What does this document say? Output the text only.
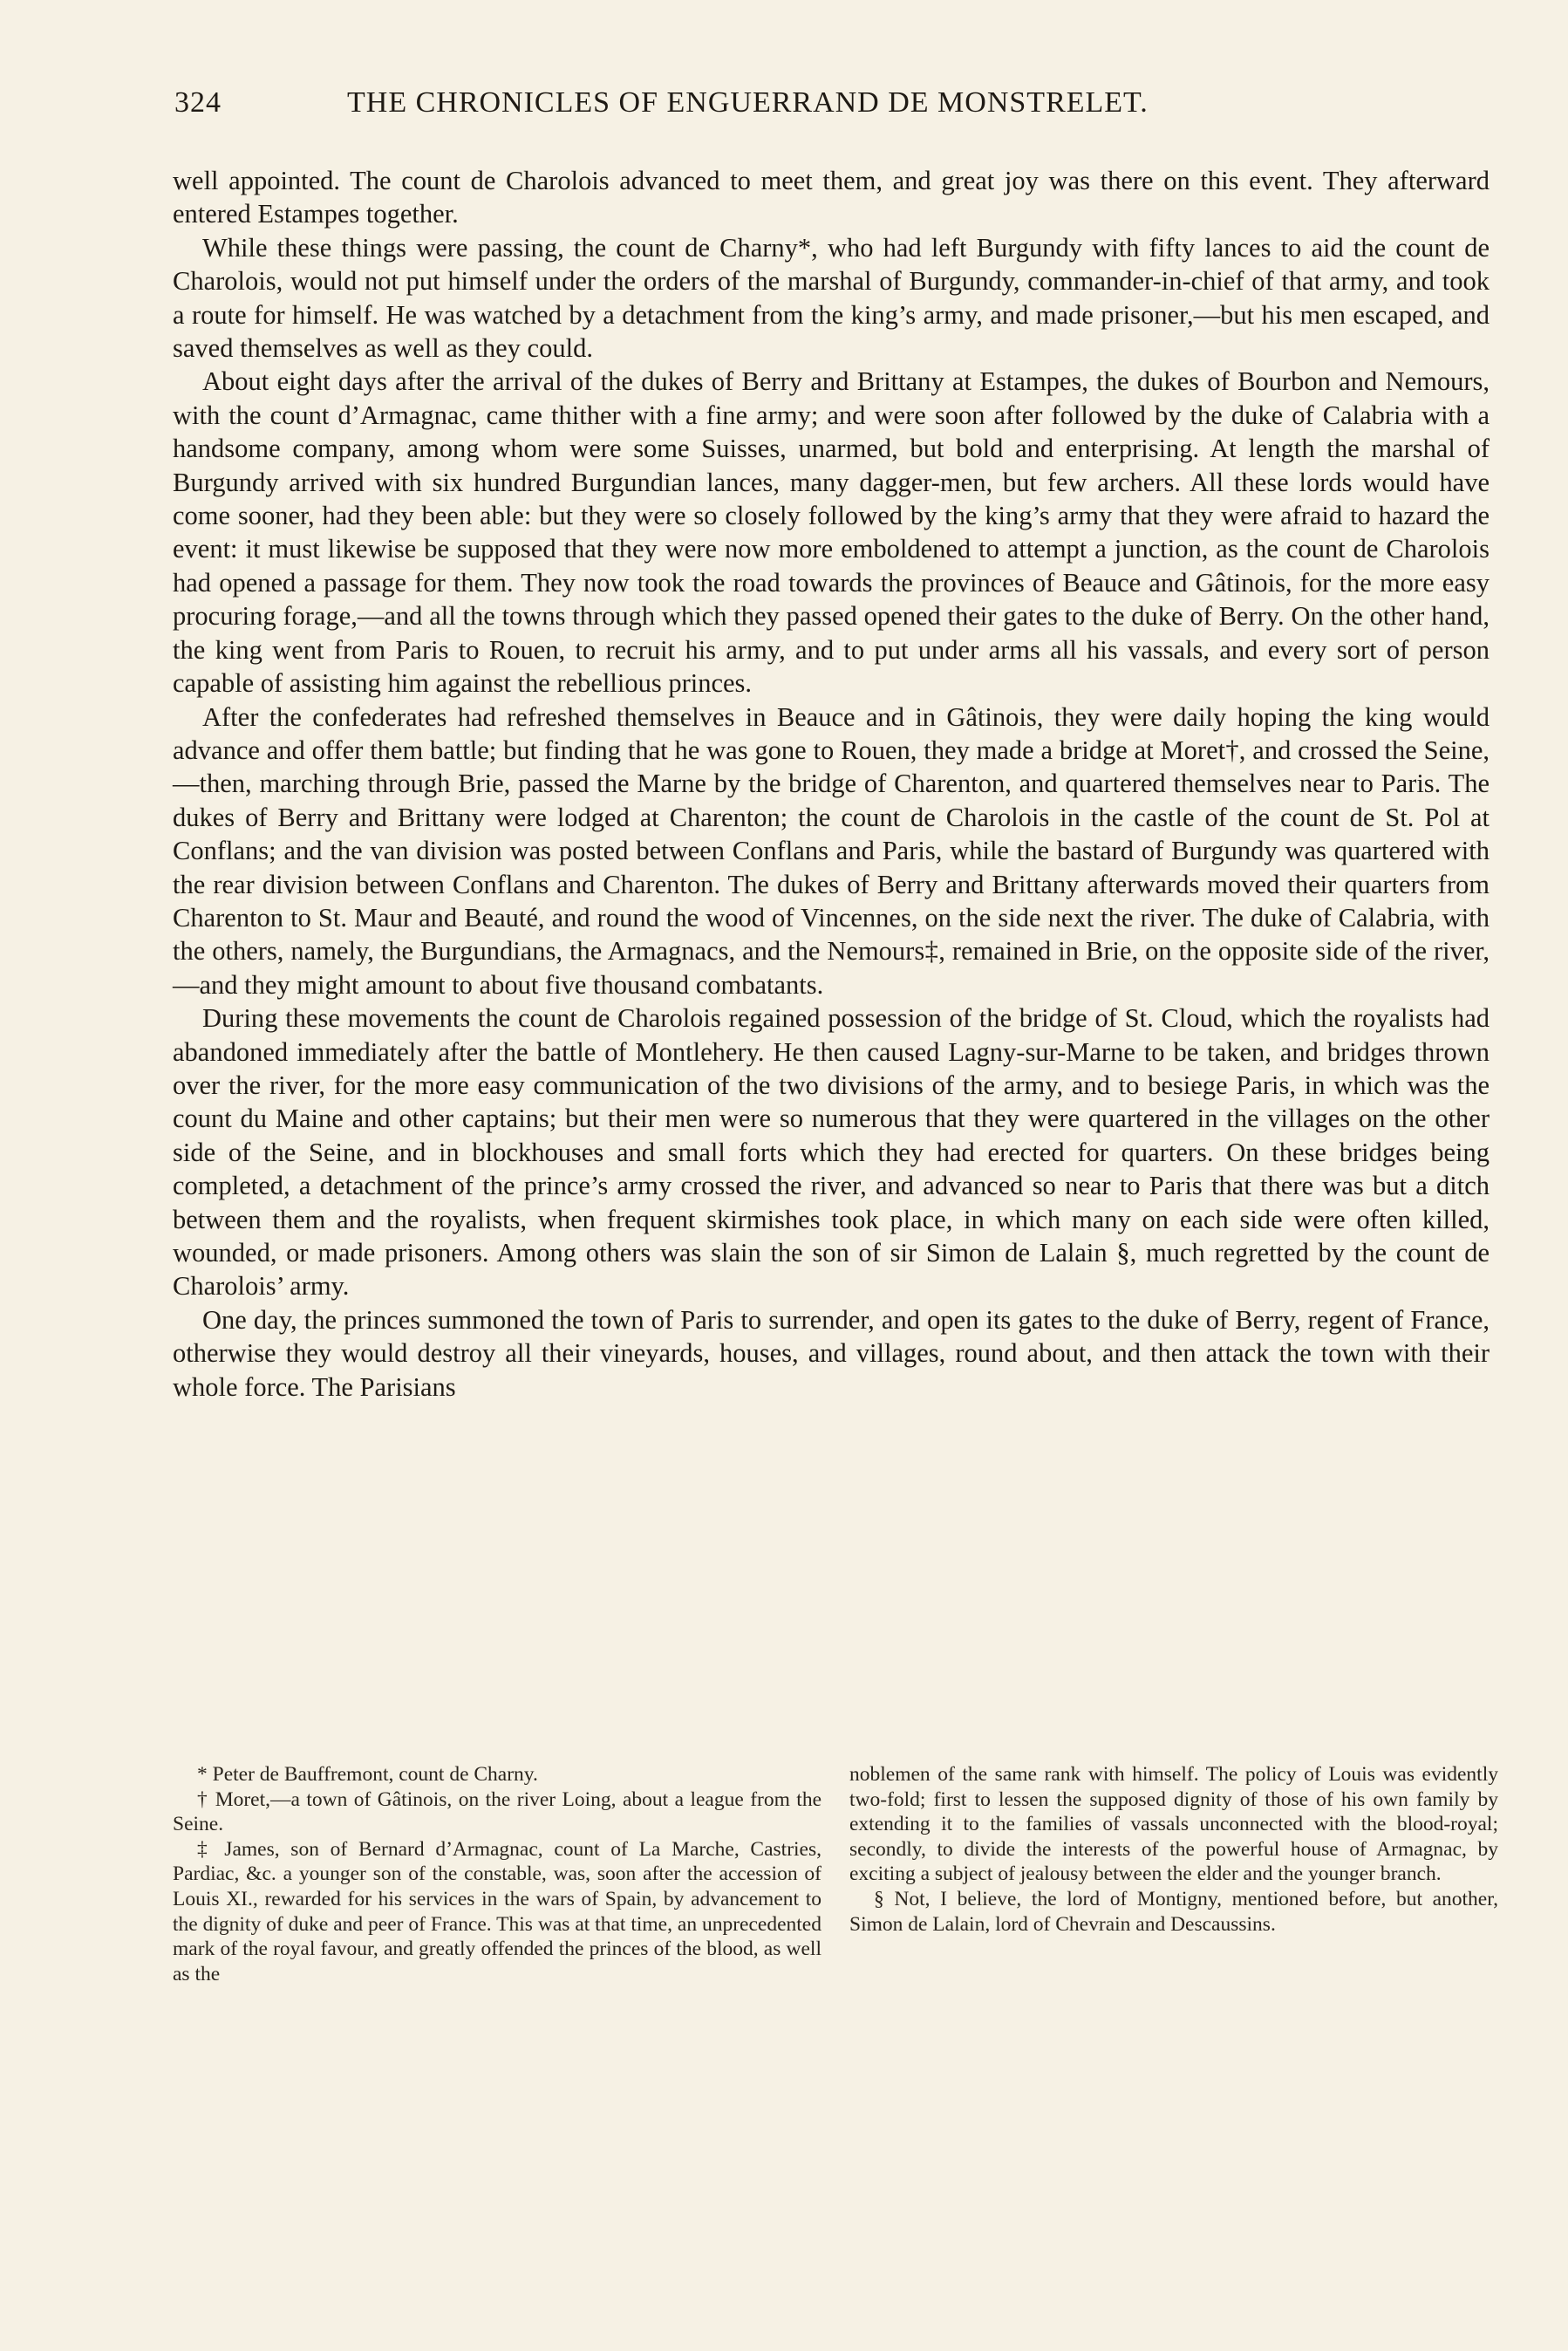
324	THE CHRONICLES OF ENGUERRAND DE MONSTRELET.

well appointed. The count de Charolois advanced to meet them, and great joy was there on this event. They afterward entered Estampes together.

While these things were passing, the count de Charny*, who had left Burgundy with fifty lances to aid the count de Charolois, would not put himself under the orders of the marshal of Burgundy, commander-in-chief of that army, and took a route for himself. He was watched by a detachment from the king’s army, and made prisoner,—but his men escaped, and saved themselves as well as they could.

About eight days after the arrival of the dukes of Berry and Brittany at Estampes, the dukes of Bourbon and Nemours, with the count d’Armagnac, came thither with a fine army; and were soon after followed by the duke of Calabria with a handsome company, among whom were some Suisses, unarmed, but bold and enterprising. At length the marshal of Burgundy arrived with six hundred Burgundian lances, many dagger-men, but few archers. All these lords would have come sooner, had they been able: but they were so closely followed by the king’s army that they were afraid to hazard the event: it must likewise be supposed that they were now more emboldened to attempt a junction, as the count de Charolois had opened a passage for them. They now took the road towards the provinces of Beauce and Gâtinois, for the more easy procuring forage,—and all the towns through which they passed opened their gates to the duke of Berry. On the other hand, the king went from Paris to Rouen, to recruit his army, and to put under arms all his vassals, and every sort of person capable of assisting him against the rebellious princes.

After the confederates had refreshed themselves in Beauce and in Gâtinois, they were daily hoping the king would advance and offer them battle; but finding that he was gone to Rouen, they made a bridge at Moret†, and crossed the Seine,—then, marching through Brie, passed the Marne by the bridge of Charenton, and quartered themselves near to Paris. The dukes of Berry and Brittany were lodged at Charenton; the count de Charolois in the castle of the count de St. Pol at Conflans; and the van division was posted between Conflans and Paris, while the bastard of Burgundy was quartered with the rear division between Conflans and Charenton. The dukes of Berry and Brittany afterwards moved their quarters from Charenton to St. Maur and Beauté, and round the wood of Vincennes, on the side next the river. The duke of Calabria, with the others, namely, the Burgundians, the Armagnacs, and the Nemours‡, remained in Brie, on the opposite side of the river,—and they might amount to about five thousand combatants.

During these movements the count de Charolois regained possession of the bridge of St. Cloud, which the royalists had abandoned immediately after the battle of Montlehery. He then caused Lagny-sur-Marne to be taken, and bridges thrown over the river, for the more easy communication of the two divisions of the army, and to besiege Paris, in which was the count du Maine and other captains; but their men were so numerous that they were quartered in the villages on the other side of the Seine, and in blockhouses and small forts which they had erected for quarters. On these bridges being completed, a detachment of the prince’s army crossed the river, and advanced so near to Paris that there was but a ditch between them and the royalists, when frequent skirmishes took place, in which many on each side were often killed, wounded, or made prisoners. Among others was slain the son of sir Simon de Lalain §, much regretted by the count de Charolois’ army.

One day, the princes summoned the town of Paris to surrender, and open its gates to the duke of Berry, regent of France, otherwise they would destroy all their vineyards, houses, and villages, round about, and then attack the town with their whole force. The Parisians

* Peter de Bauffremont, count de Charny.

† Moret,—a town of Gâtinois, on the river Loing, about a league from the Seine.

‡ James, son of Bernard d’Armagnac, count of La Marche, Castries, Pardiac, &c. a younger son of the constable, was, soon after the accession of Louis XI., rewarded for his services in the wars of Spain, by advancement to the dignity of duke and peer of France. This was at that time, an unprecedented mark of the royal favour, and greatly offended the princes of the blood, as well as the

noblemen of the same rank with himself. The policy of Louis was evidently two-fold; first to lessen the supposed dignity of those of his own family by extending it to the families of vassals unconnected with the blood-royal; secondly, to divide the interests of the powerful house of Armagnac, by exciting a subject of jealousy between the elder and the younger branch.

§ Not, I believe, the lord of Montigny, mentioned before, but another, Simon de Lalain, lord of Chevrain and Descaussins.
